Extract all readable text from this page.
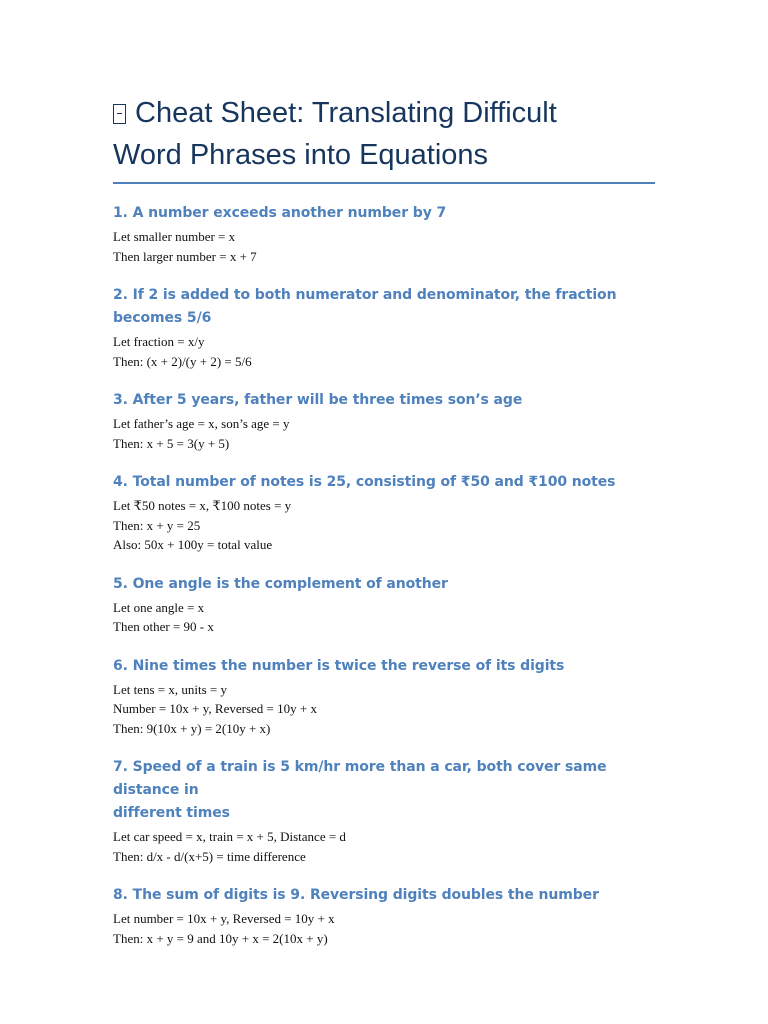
Cheat Sheet: Translating Difficult
Word Phrases into Equations
1. A number exceeds another number by 7
Let smaller number = x
Then larger number = x + 7
2. If 2 is added to both numerator and denominator, the fraction becomes 5/6
Let fraction = x/y
Then: (x + 2)/(y + 2) = 5/6
3. After 5 years, father will be three times son’s age
Let father’s age = x, son’s age = y
Then: x + 5 = 3(y + 5)
4. Total number of notes is 25, consisting of ₹50 and ₹100 notes
Let ₹50 notes = x, ₹100 notes = y
Then: x + y = 25
Also: 50x + 100y = total value
5. One angle is the complement of another
Let one angle = x
Then other = 90 - x
6. Nine times the number is twice the reverse of its digits
Let tens = x, units = y
Number = 10x + y, Reversed = 10y + x
Then: 9(10x + y) = 2(10y + x)
7. Speed of a train is 5 km/hr more than a car, both cover same distance in
different times
Let car speed = x, train = x + 5, Distance = d
Then: d/x - d/(x+5) = time difference
8. The sum of digits is 9. Reversing digits doubles the number
Let number = 10x + y, Reversed = 10y + x
Then: x + y = 9 and 10y + x = 2(10x + y)
